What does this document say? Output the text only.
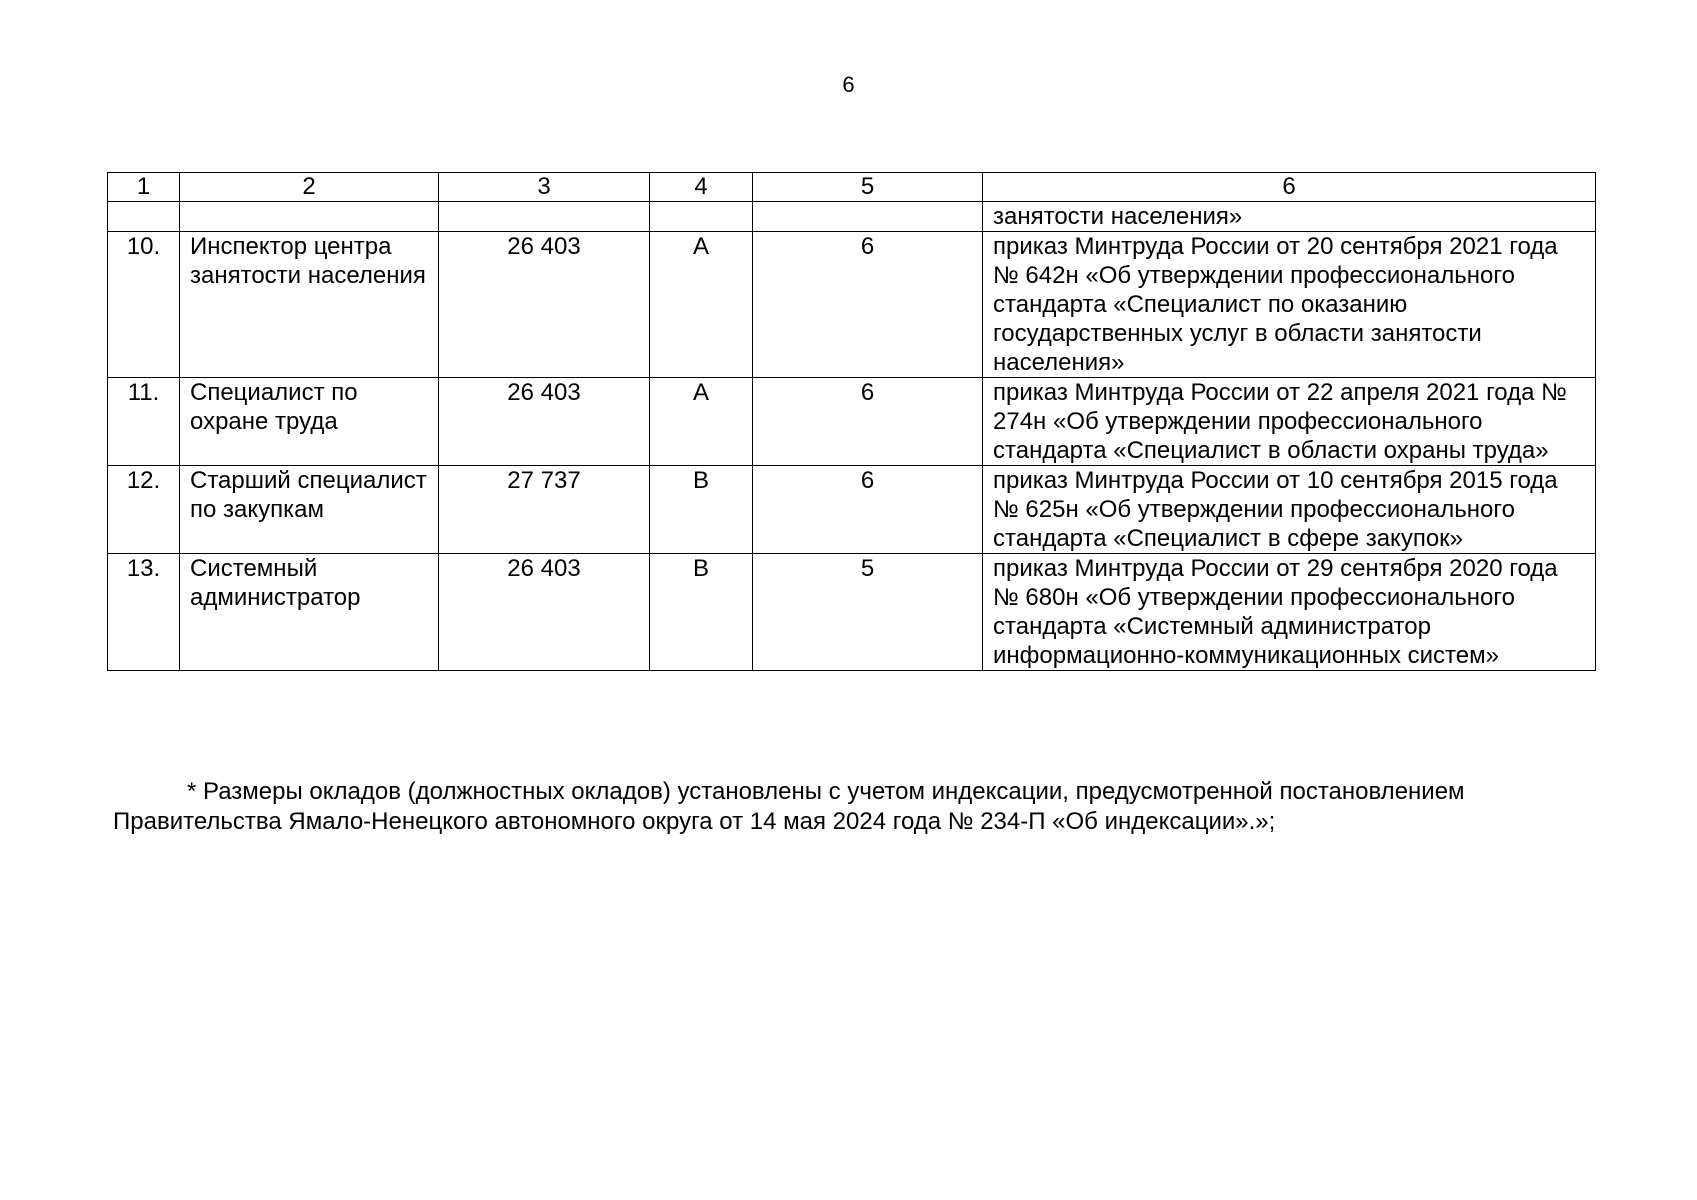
6
1	2	3	4	5	6
					занятости населения»
10.	Инспектор центра занятости населения	26 403	А	6	приказ Минтруда России от 20 сентября 2021 года № 642н «Об утверждении профессионального стандарта «Специалист по оказанию государственных услуг в области занятости населения»
11.	Специалист по охране труда	26 403	А	6	приказ Минтруда России от 22 апреля 2021 года № 274н «Об утверждении профессионального стандарта «Специалист в области охраны труда»
12.	Старший специалист по закупкам	27 737	В	6	приказ Минтруда России от 10 сентября 2015 года № 625н «Об утверждении профессионального стандарта «Специалист в сфере закупок»
13.	Системный администратор	26 403	В	5	приказ Минтруда России от 29 сентября 2020 года № 680н «Об утверждении профессионального стандарта «Системный администратор информационно-коммуникационных систем»

* Размеры окладов (должностных окладов) установлены с учетом индексации, предусмотренной постановлением Правительства Ямало-Ненецкого автономного округа от 14 мая 2024 года № 234-П «Об индексации».»;
